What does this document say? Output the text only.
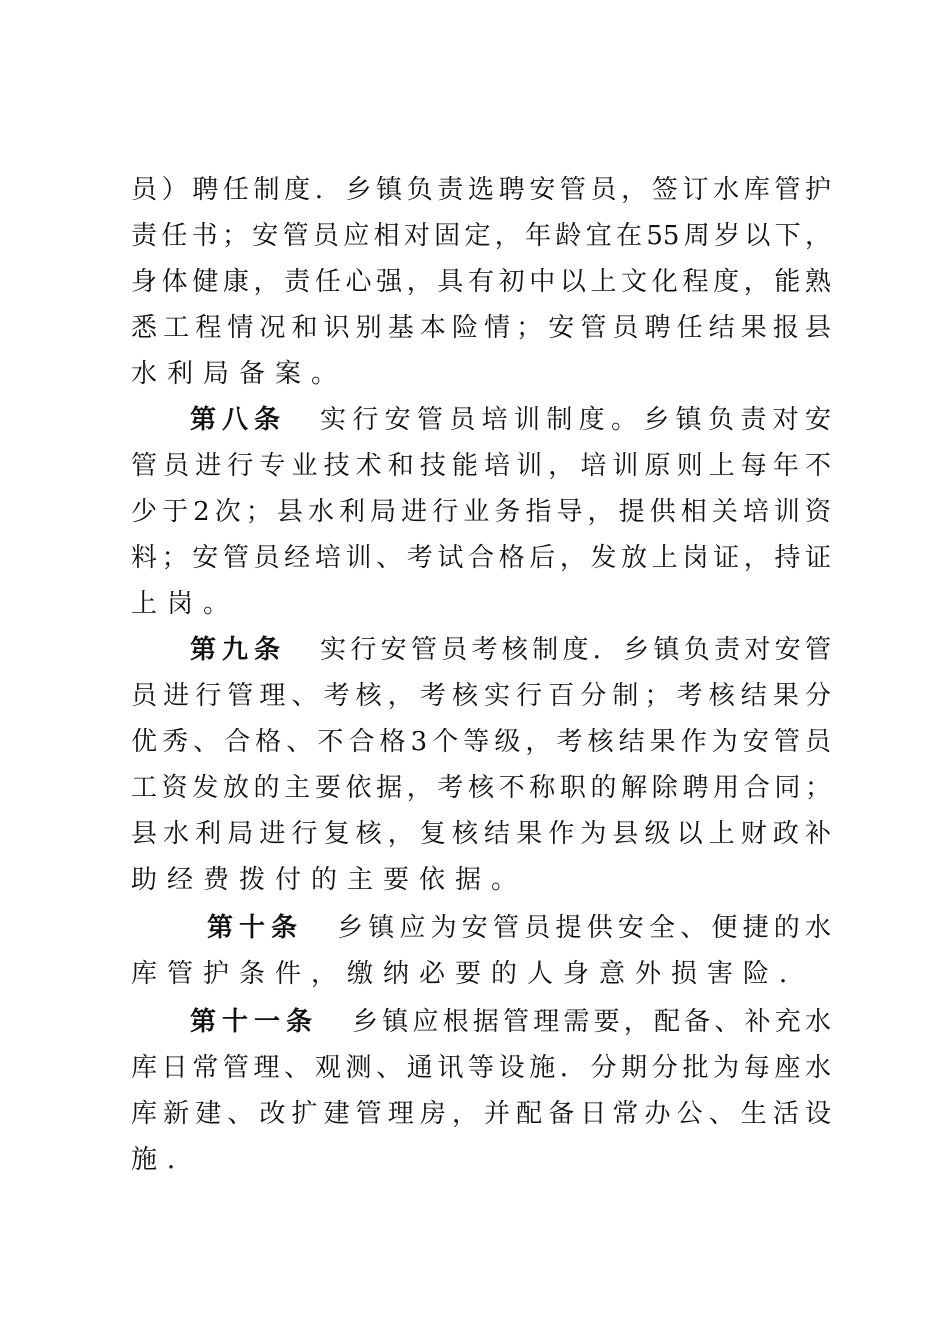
员）聘任制度．乡镇负责选聘安管员，签订水库管护
责任书；安管员应相对固定，年龄宜在55周岁以下，
身体健康，责任心强，具有初中以上文化程度，能熟
悉工程情况和识别基本险情；安管员聘任结果报县
水利局备案。
第八条 实行安管员培训制度。乡镇负责对安
管员进行专业技术和技能培训，培训原则上每年不
少于2次；县水利局进行业务指导，提供相关培训资
料；安管员经培训、考试合格后，发放上岗证，持证
上岗。
第九条 实行安管员考核制度．乡镇负责对安管
员进行管理、考核，考核实行百分制；考核结果分
优秀、合格、不合格3个等级，考核结果作为安管员
工资发放的主要依据，考核不称职的解除聘用合同；
县水利局进行复核，复核结果作为县级以上财政补
助经费拨付的主要依据。
第十条 乡镇应为安管员提供安全、便捷的水
库管护条件，缴纳必要的人身意外损害险．
第十一条 乡镇应根据管理需要，配备、补充水
库日常管理、观测、通讯等设施．分期分批为每座水
库新建、改扩建管理房，并配备日常办公、生活设
施．
